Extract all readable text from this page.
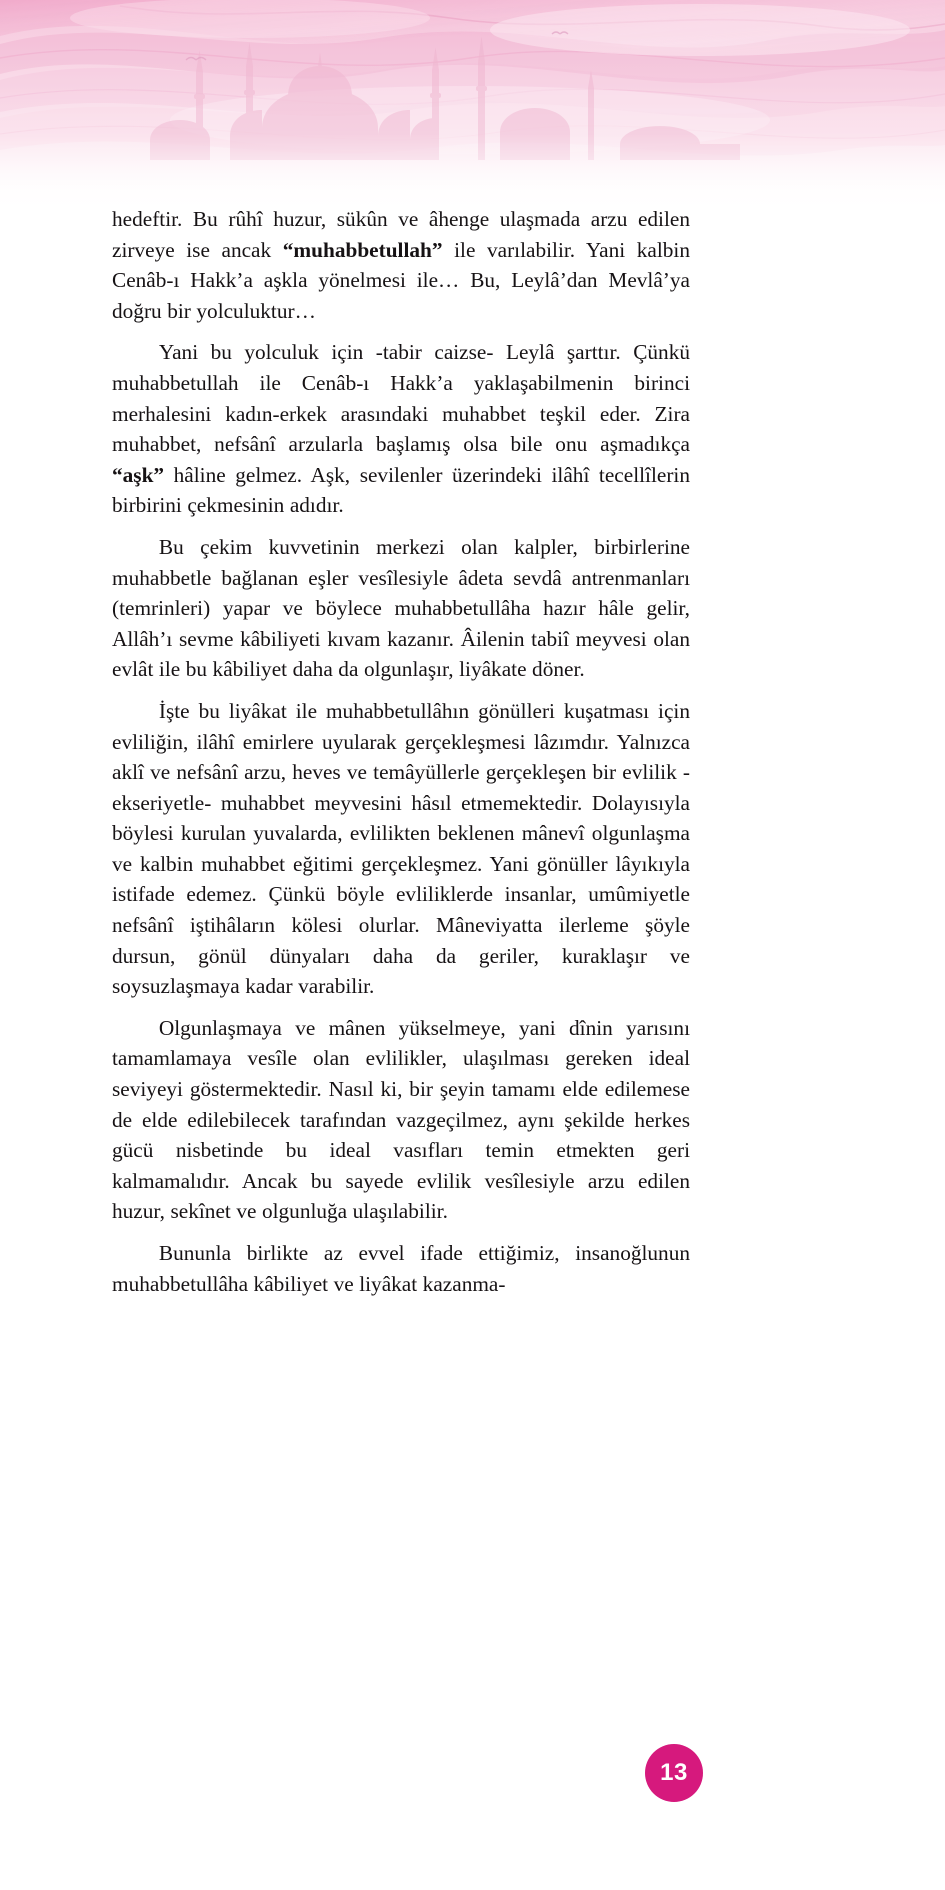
hedeftir. Bu rûhî huzur, sükûn ve âhenge ulaşmada arzu edilen zirveye ise ancak “muhabbetullah” ile varılabilir. Yani kalbin Cenâb-ı Hakk’a aşkla yönelmesi ile… Bu, Leylâ’dan Mevlâ’ya doğru bir yolculuktur…

Yani bu yolculuk için -tabir caizse- Leylâ şarttır. Çünkü muhabbetullah ile Cenâb-ı Hakk’a yaklaşabilmenin birinci merhalesini kadın-erkek arasındaki muhabbet teşkil eder. Zira muhabbet, nefsânî arzularla başlamış olsa bile onu aşmadıkça “aşk” hâline gelmez. Aşk, sevilenler üzerindeki ilâhî tecellîlerin birbirini çekmesinin adıdır.

Bu çekim kuvvetinin merkezi olan kalpler, birbirlerine muhabbetle bağlanan eşler vesîlesiyle âdeta sevdâ antrenmanları (temrinleri) yapar ve böylece muhabbetullâha hazır hâle gelir, Allâh’ı sevme kâbiliyeti kıvam kazanır. Âilenin tabiî meyvesi olan evlât ile bu kâbiliyet daha da olgunlaşır, liyâkate döner.

İşte bu liyâkat ile muhabbetullâhın gönülleri kuşatması için evliliğin, ilâhî emirlere uyularak gerçekleşmesi lâzımdır. Yalnızca aklî ve nefsânî arzu, heves ve temâyüllerle gerçekleşen bir evlilik -ekseriyetle- muhabbet meyvesini hâsıl etmemektedir. Dolayısıyla böylesi kurulan yuvalarda, evlilikten beklenen mânevî olgunlaşma ve kalbin muhabbet eğitimi gerçekleşmez. Yani gönüller lâyıkıyla istifade edemez. Çünkü böyle evliliklerde insanlar, umûmiyetle nefsânî iştihâların kölesi olurlar. Mâneviyatta ilerleme şöyle dursun, gönül dünyaları daha da geriler, kuraklaşır ve soysuzlaşmaya kadar varabilir.

Olgunlaşmaya ve mânen yükselmeye, yani dînin yarısını tamamlamaya vesîle olan evlilikler, ulaşılması gereken ideal seviyeyi göstermektedir. Nasıl ki, bir şeyin tamamı elde edilemese de elde edilebilecek tarafından vazgeçilmez, aynı şekilde herkes gücü nisbetinde bu ideal vasıfları temin etmekten geri kalmamalıdır. Ancak bu sayede evlilik vesîlesiyle arzu edilen huzur, sekînet ve olgunluğa ulaşılabilir.

Bununla birlikte az evvel ifade ettiğimiz, insanoğlunun muhabbetullâha kâbiliyet ve liyâkat kazanma-

13
